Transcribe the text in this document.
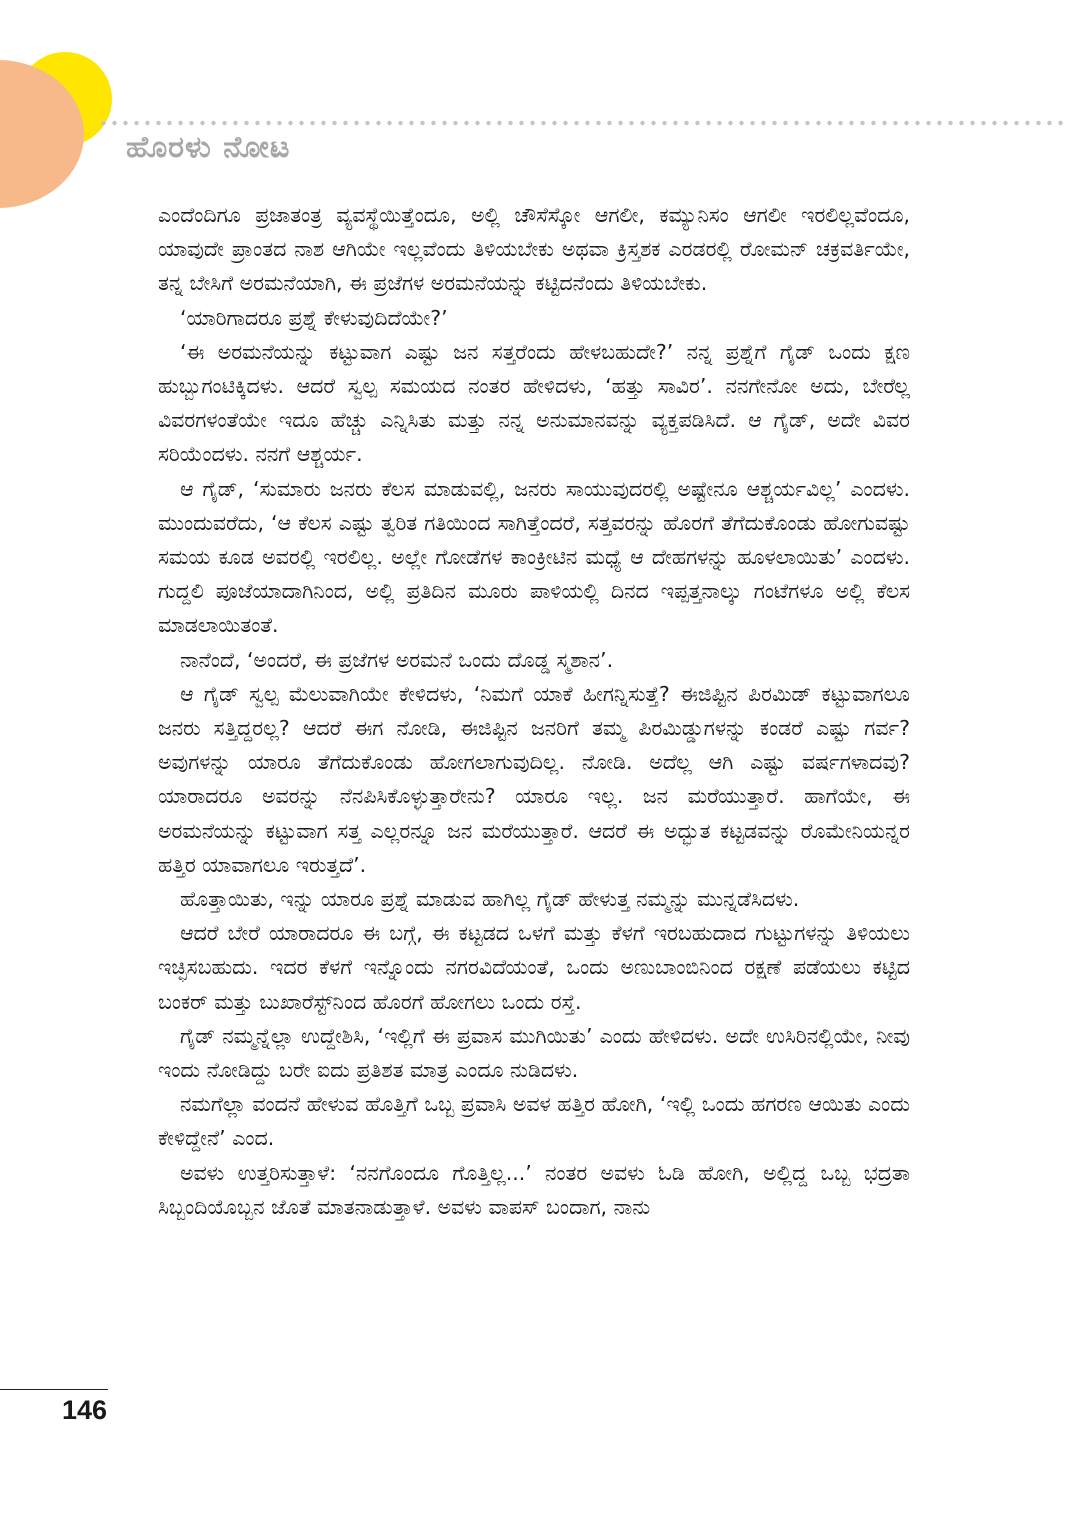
ಹೊರಳು ನೋಟ

ಎಂದೆಂದಿಗೂ ಪ್ರಜಾತಂತ್ರ ವ್ಯವಸ್ಥೆಯಿತ್ತೆಂದೂ, ಅಲ್ಲಿ ಚೌಸೆಸ್ಕೋ ಆಗಲೀ, ಕಮ್ಯುನಿಸಂ ಆಗಲೀ ಇರಲಿಲ್ಲವೆಂದೂ, ಯಾವುದೇ ಪ್ರಾಂತದ ನಾಶ ಆಗಿಯೇ ಇಲ್ಲವೆಂದು ತಿಳಿಯಬೇಕು ಅಥವಾ ಕ್ರಿಸ್ತಶಕ ಎರಡರಲ್ಲಿ ರೋಮನ್ ಚಕ್ರವರ್ತಿಯೇ, ತನ್ನ ಬೇಸಿಗೆ ಅರಮನೆಯಾಗಿ, ಈ ಪ್ರಜೆಗಳ ಅರಮನೆಯನ್ನು ಕಟ್ಟಿದನೆಂದು ತಿಳಿಯಬೇಕು.

‘ಯಾರಿಗಾದರೂ ಪ್ರಶ್ನೆ ಕೇಳುವುದಿದೆಯೇ?’

‘ಈ ಅರಮನೆಯನ್ನು ಕಟ್ಟುವಾಗ ಎಷ್ಟು ಜನ ಸತ್ತರೆಂದು ಹೇಳಬಹುದೇ?’ ನನ್ನ ಪ್ರಶ್ನೆಗೆ ಗೈಡ್ ಒಂದು ಕ್ಷಣ ಹುಬ್ಬುಗಂಟಿಕ್ಕಿದಳು. ಆದರೆ ಸ್ವಲ್ಪ ಸಮಯದ ನಂತರ ಹೇಳಿದಳು, ‘ಹತ್ತು ಸಾವಿರ’. ನನಗೇನೋ ಅದು, ಬೇರೆಲ್ಲ ವಿವರಗಳಂತೆಯೇ ಇದೂ ಹೆಚ್ಚು ಎನ್ನಿಸಿತು ಮತ್ತು ನನ್ನ ಅನುಮಾನವನ್ನು ವ್ಯಕ್ತಪಡಿಸಿದೆ. ಆ ಗೈಡ್, ಅದೇ ವಿವರ ಸರಿಯೆಂದಳು. ನನಗೆ ಆಶ್ಚರ್ಯ.

ಆ ಗೈಡ್, ‘ಸುಮಾರು ಜನರು ಕೆಲಸ ಮಾಡುವಲ್ಲಿ, ಜನರು ಸಾಯುವುದರಲ್ಲಿ ಅಷ್ಟೇನೂ ಆಶ್ಚರ್ಯವಿಲ್ಲ’ ಎಂದಳು. ಮುಂದುವರೆದು, ‘ಆ ಕೆಲಸ ಎಷ್ಟು ತ್ವರಿತ ಗತಿಯಿಂದ ಸಾಗಿತ್ತೆಂದರೆ, ಸತ್ತವರನ್ನು ಹೊರಗೆ ತೆಗೆದುಕೊಂಡು ಹೋಗುವಷ್ಟು ಸಮಯ ಕೂಡ ಅವರಲ್ಲಿ ಇರಲಿಲ್ಲ. ಅಲ್ಲೇ ಗೋಡೆಗಳ ಕಾಂಕ್ರೀಟಿನ ಮಧ್ಯೆ ಆ ದೇಹಗಳನ್ನು ಹೂಳಲಾಯಿತು’ ಎಂದಳು. ಗುದ್ದಲಿ ಪೂಜೆಯಾದಾಗಿನಿಂದ, ಅಲ್ಲಿ ಪ್ರತಿದಿನ ಮೂರು ಪಾಳಿಯಲ್ಲಿ ದಿನದ ಇಪ್ಪತ್ತನಾಲ್ಕು ಗಂಟೆಗಳೂ ಅಲ್ಲಿ ಕೆಲಸ ಮಾಡಲಾಯಿತಂತೆ.

ನಾನೆಂದೆ, ‘ಅಂದರೆ, ಈ ಪ್ರಜೆಗಳ ಅರಮನೆ ಒಂದು ದೊಡ್ಡ ಸ್ಮಶಾನ’.

ಆ ಗೈಡ್ ಸ್ವಲ್ಪ ಮೆಲುವಾಗಿಯೇ ಕೇಳಿದಳು, ‘ನಿಮಗೆ ಯಾಕೆ ಹೀಗನ್ನಿಸುತ್ತೆ? ಈಜಿಪ್ಟಿನ ಪಿರಮಿಡ್ ಕಟ್ಟುವಾಗಲೂ ಜನರು ಸತ್ತಿದ್ದರಲ್ಲ? ಆದರೆ ಈಗ ನೋಡಿ, ಈಜಿಪ್ಟಿನ ಜನರಿಗೆ ತಮ್ಮ ಪಿರಮಿಡ್ಡುಗಳನ್ನು ಕಂಡರೆ ಎಷ್ಟು ಗರ್ವ? ಅವುಗಳನ್ನು ಯಾರೂ ತೆಗೆದುಕೊಂಡು ಹೋಗಲಾಗುವುದಿಲ್ಲ. ನೋಡಿ. ಅದೆಲ್ಲ ಆಗಿ ಎಷ್ಟು ವರ್ಷಗಳಾದವು? ಯಾರಾದರೂ ಅವರನ್ನು ನೆನಪಿಸಿಕೊಳ್ಳುತ್ತಾರೇನು? ಯಾರೂ ಇಲ್ಲ. ಜನ ಮರೆಯುತ್ತಾರೆ. ಹಾಗೆಯೇ, ಈ ಅರಮನೆಯನ್ನು ಕಟ್ಟುವಾಗ ಸತ್ತ ಎಲ್ಲರನ್ನೂ ಜನ ಮರೆಯುತ್ತಾರೆ. ಆದರೆ ಈ ಅದ್ಭುತ ಕಟ್ಟಡವನ್ನು ರೊಮೇನಿಯನ್ನರ ಹತ್ತಿರ ಯಾವಾಗಲೂ ಇರುತ್ತದೆ’.

ಹೊತ್ತಾಯಿತು, ಇನ್ನು ಯಾರೂ ಪ್ರಶ್ನೆ ಮಾಡುವ ಹಾಗಿಲ್ಲ ಗೈಡ್ ಹೇಳುತ್ತ ನಮ್ಮನ್ನು ಮುನ್ನಡೆಸಿದಳು.

ಆದರೆ ಬೇರೆ ಯಾರಾದರೂ ಈ ಬಗ್ಗೆ, ಈ ಕಟ್ಟಡದ ಒಳಗೆ ಮತ್ತು ಕೆಳಗೆ ಇರಬಹುದಾದ ಗುಟ್ಟುಗಳನ್ನು ತಿಳಿಯಲು ಇಚ್ಛಿಸಬಹುದು. ಇದರ ಕೆಳಗೆ ಇನ್ನೊಂದು ನಗರವಿದೆಯಂತೆ, ಒಂದು ಅಣುಬಾಂಬಿನಿಂದ ರಕ್ಷಣೆ ಪಡೆಯಲು ಕಟ್ಟಿದ ಬಂಕರ್ ಮತ್ತು ಬುಖಾರೆಸ್ಟ್‌ನಿಂದ ಹೊರಗೆ ಹೋಗಲು ಒಂದು ರಸ್ತೆ.

ಗೈಡ್ ನಮ್ಮನ್ನೆಲ್ಲಾ ಉದ್ದೇಶಿಸಿ, ‘ಇಲ್ಲಿಗೆ ಈ ಪ್ರವಾಸ ಮುಗಿಯಿತು’ ಎಂದು ಹೇಳಿದಳು. ಅದೇ ಉಸಿರಿನಲ್ಲಿಯೇ, ನೀವು ಇಂದು ನೋಡಿದ್ದು ಬರೇ ಐದು ಪ್ರತಿಶತ ಮಾತ್ರ ಎಂದೂ ನುಡಿದಳು.

ನಮಗೆಲ್ಲಾ ವಂದನೆ ಹೇಳುವ ಹೊತ್ತಿಗೆ ಒಬ್ಬ ಪ್ರವಾಸಿ ಅವಳ ಹತ್ತಿರ ಹೋಗಿ, ‘ಇಲ್ಲಿ ಒಂದು ಹಗರಣ ಆಯಿತು ಎಂದು ಕೇಳಿದ್ದೇನೆ’ ಎಂದ.

ಅವಳು ಉತ್ತರಿಸುತ್ತಾಳೆ: ‘ನನಗೊಂದೂ ಗೊತ್ತಿಲ್ಲ...’ ನಂತರ ಅವಳು ಓಡಿ ಹೋಗಿ, ಅಲ್ಲಿದ್ದ ಒಬ್ಬ ಭದ್ರತಾ ಸಿಬ್ಬಂದಿಯೊಬ್ಬನ ಜೊತೆ ಮಾತನಾಡುತ್ತಾಳೆ. ಅವಳು ವಾಪಸ್ ಬಂದಾಗ, ನಾನು

146
